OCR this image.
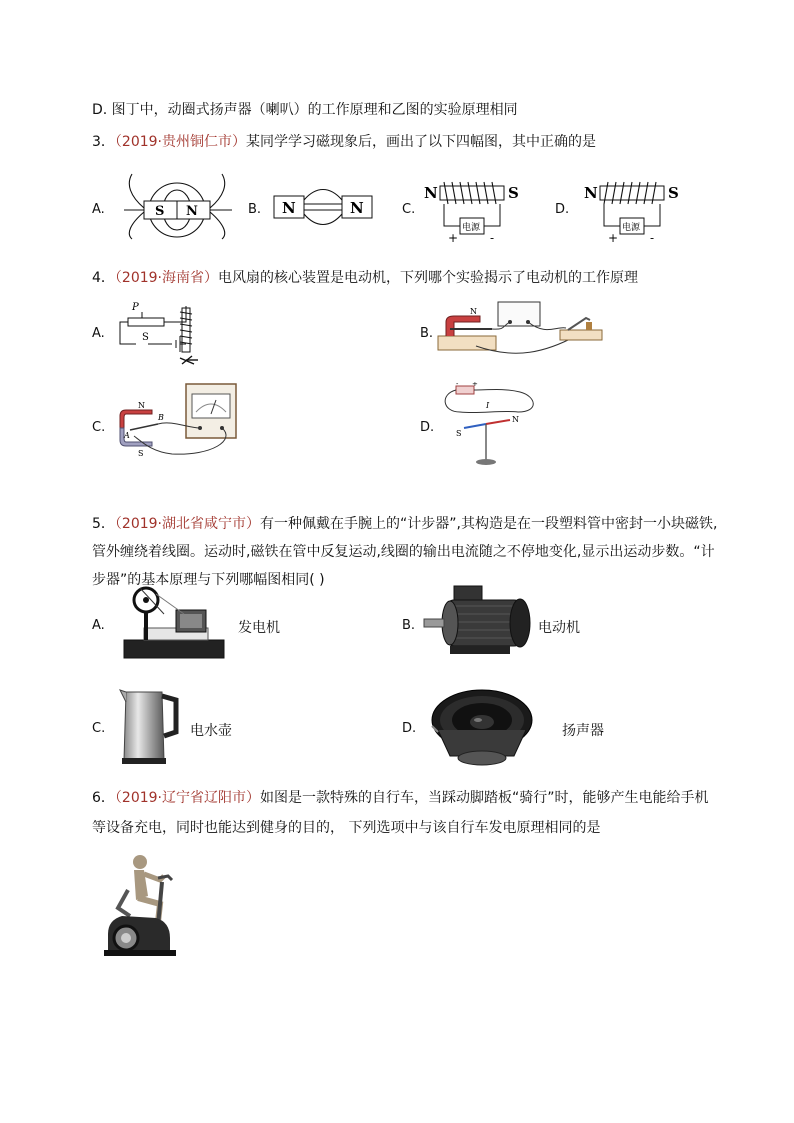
D. 图丁中，动圈式扬声器（喇叭）的工作原理和乙图的实验原理相同
3．（2019·贵州铜仁市）某同学学习磁现象后，画出了以下四幅图，其中正确的是
A.	S N	B. N	N	C.
N	S
电源
+	-
D.
N	S
电源
+	-
4．（2019·海南省）电风扇的核心装置是电动机，下列哪个实验揭示了电动机的工作原理
A.
P
S	B.
N
C.
N
B
S
A
D.
- +
I
S
N
5．（2019·湖北省咸宁市）有一种佩戴在手腕上的“计步器”,其构造是在一段塑料管中密封一小块磁铁,
管外缠绕着线圈。运动时,磁铁在管中反复运动,线圈的输出电流随之不停地变化,显示出运动步数。“计
步器”的基本原理与下列哪幅图相同( )
A.	发电机	B.	电动机
C.	电水壶	D.	扬声器
6．（2019·辽宁省辽阳市）如图是一款特殊的自行车，当踩动脚踏板“骑行”时，能够产生电能给手机
等设备充电，同时也能达到健身的目的， 下列选项中与该自行车发电原理相同的是
